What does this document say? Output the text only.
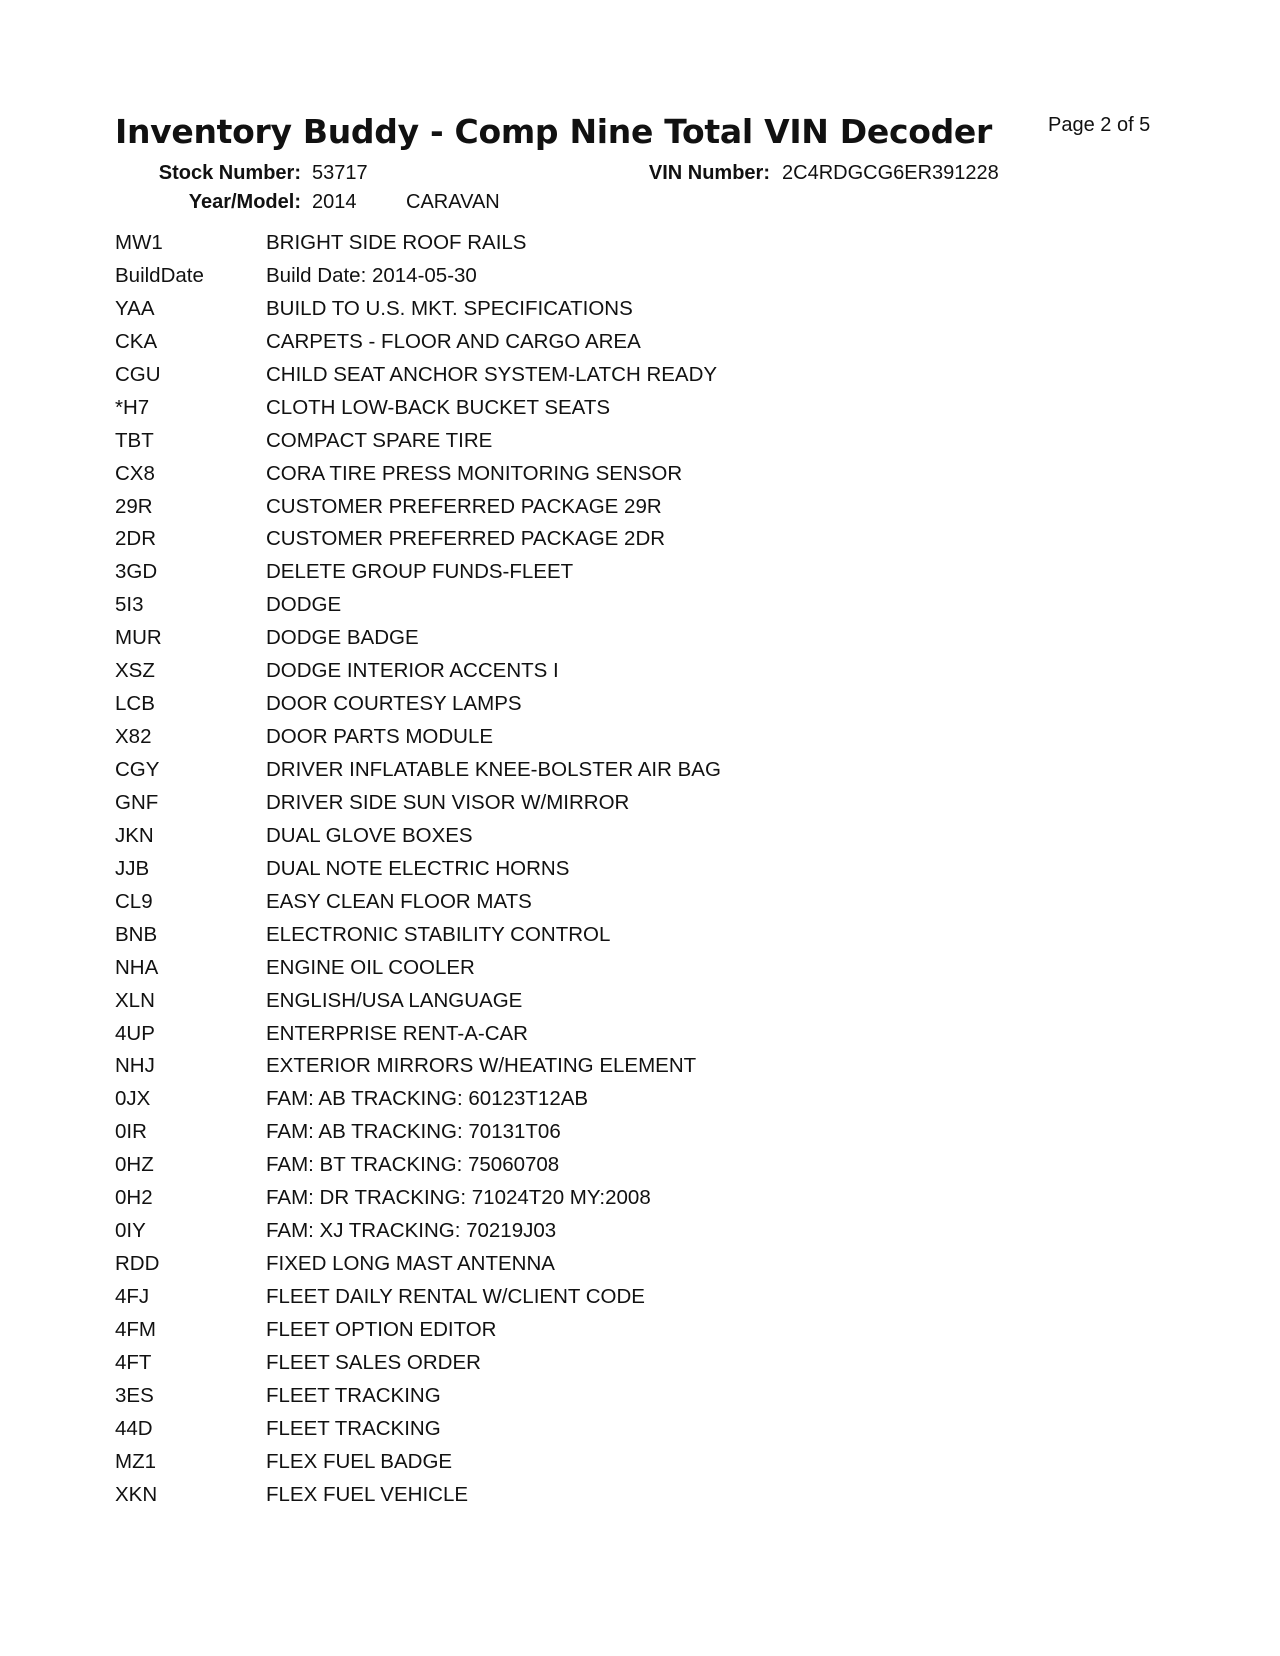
Inventory Buddy - Comp Nine Total VIN Decoder	Page 2 of 5
Stock Number: 53717	VIN Number: 2C4RDGCG6ER391228
Year/Model: 2014 CARAVAN
MW1	BRIGHT SIDE ROOF RAILS
BuildDate	Build Date: 2014-05-30
YAA	BUILD TO U.S. MKT. SPECIFICATIONS
CKA	CARPETS - FLOOR AND CARGO AREA
CGU	CHILD SEAT ANCHOR SYSTEM-LATCH READY
*H7	CLOTH LOW-BACK BUCKET SEATS
TBT	COMPACT SPARE TIRE
CX8	CORA TIRE PRESS MONITORING SENSOR
29R	CUSTOMER PREFERRED PACKAGE 29R
2DR	CUSTOMER PREFERRED PACKAGE 2DR
3GD	DELETE GROUP FUNDS-FLEET
5I3	DODGE
MUR	DODGE BADGE
XSZ	DODGE INTERIOR ACCENTS I
LCB	DOOR COURTESY LAMPS
X82	DOOR PARTS MODULE
CGY	DRIVER INFLATABLE KNEE-BOLSTER AIR BAG
GNF	DRIVER SIDE SUN VISOR W/MIRROR
JKN	DUAL GLOVE BOXES
JJB	DUAL NOTE ELECTRIC HORNS
CL9	EASY CLEAN FLOOR MATS
BNB	ELECTRONIC STABILITY CONTROL
NHA	ENGINE OIL COOLER
XLN	ENGLISH/USA LANGUAGE
4UP	ENTERPRISE RENT-A-CAR
NHJ	EXTERIOR MIRRORS W/HEATING ELEMENT
0JX	FAM: AB TRACKING: 60123T12AB
0IR	FAM: AB TRACKING: 70131T06
0HZ	FAM: BT TRACKING: 75060708
0H2	FAM: DR TRACKING: 71024T20 MY:2008
0IY	FAM: XJ TRACKING: 70219J03
RDD	FIXED LONG MAST ANTENNA
4FJ	FLEET DAILY RENTAL W/CLIENT CODE
4FM	FLEET OPTION EDITOR
4FT	FLEET SALES ORDER
3ES	FLEET TRACKING
44D	FLEET TRACKING
MZ1	FLEX FUEL BADGE
XKN	FLEX FUEL VEHICLE
